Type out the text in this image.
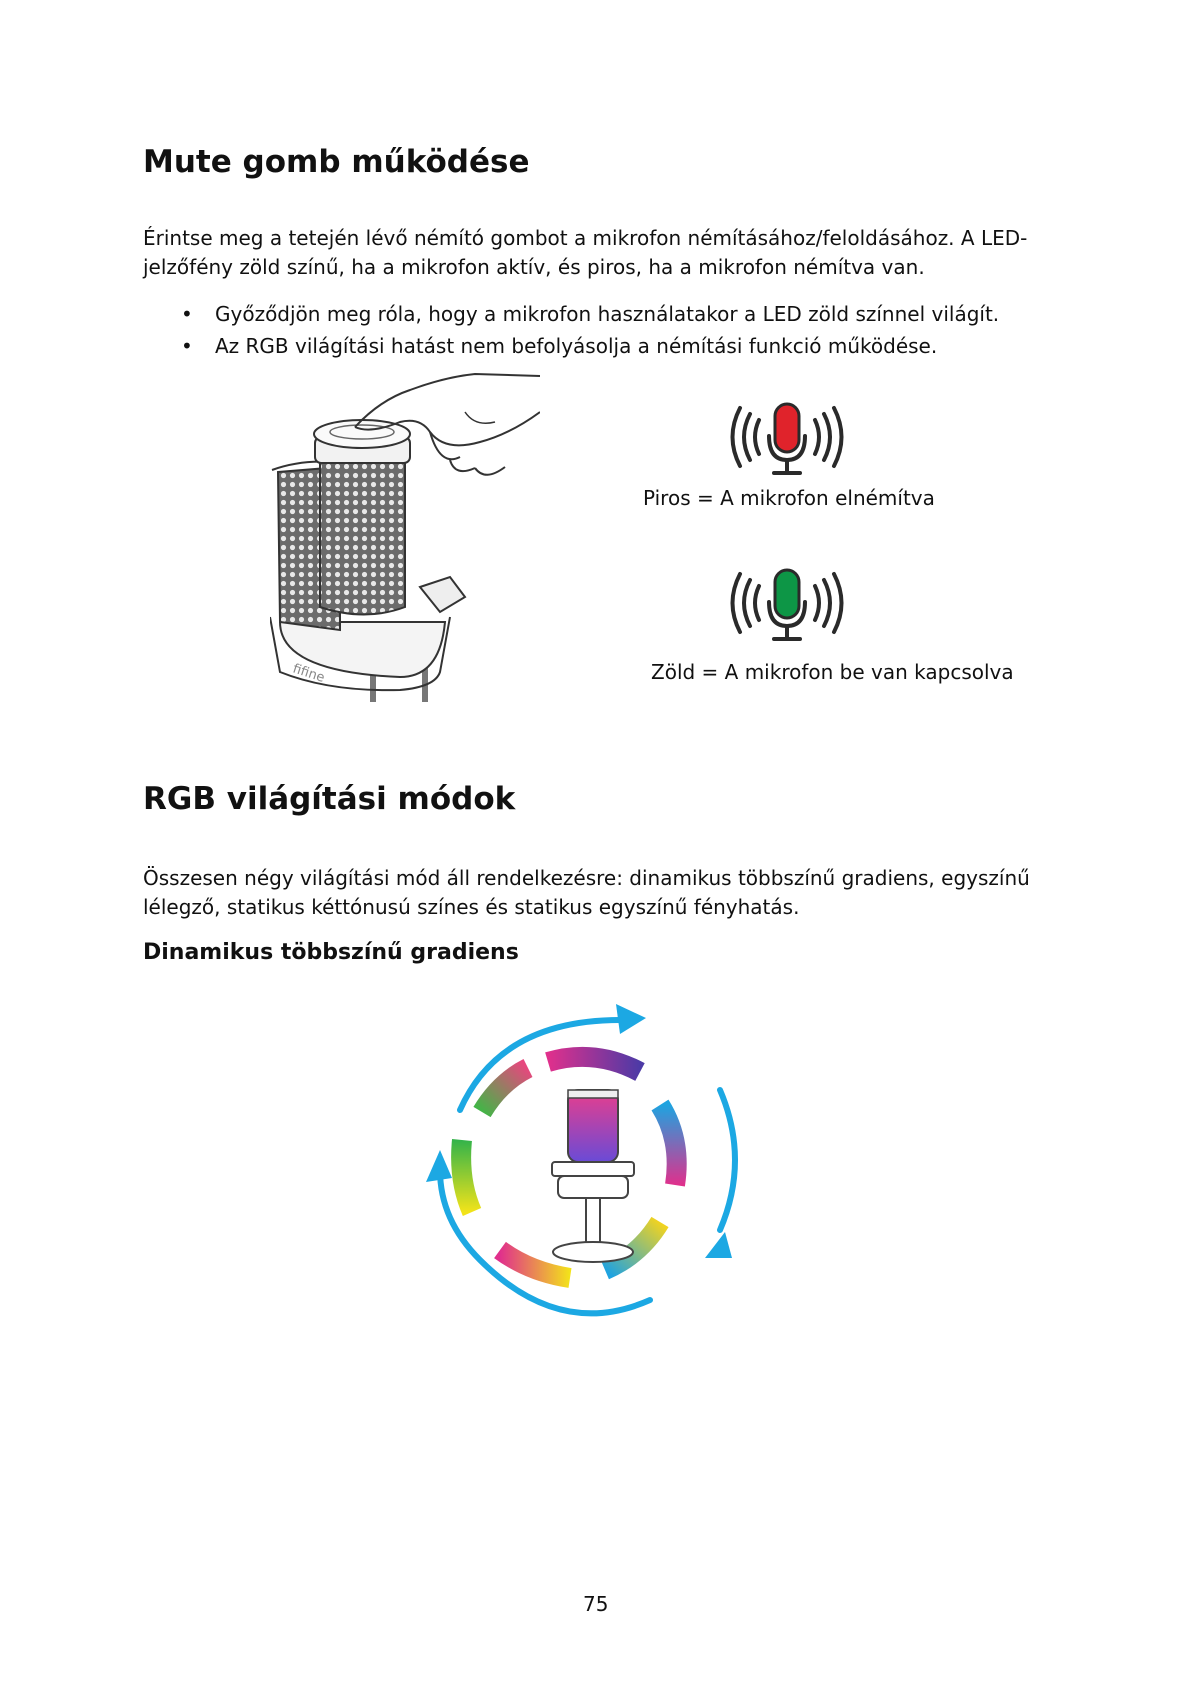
Mute gomb működése
Érintse meg a tetején lévő némító gombot a mikrofon némításához/feloldásához. A LED-jelzőfény zöld színű, ha a mikrofon aktív, és piros, ha a mikrofon némítva van.
• Győződjön meg róla, hogy a mikrofon használatakor a LED zöld színnel világít.
• Az RGB világítási hatást nem befolyásolja a némítási funkció működése.
fifine
Piros = A mikrofon elnémítva
Zöld = A mikrofon be van kapcsolva
RGB világítási módok
Összesen négy világítási mód áll rendelkezésre: dinamikus többszínű gradiens, egyszínű lélegző, statikus kéttónusú színes és statikus egyszínű fényhatás.
Dinamikus többszínű gradiens
75
